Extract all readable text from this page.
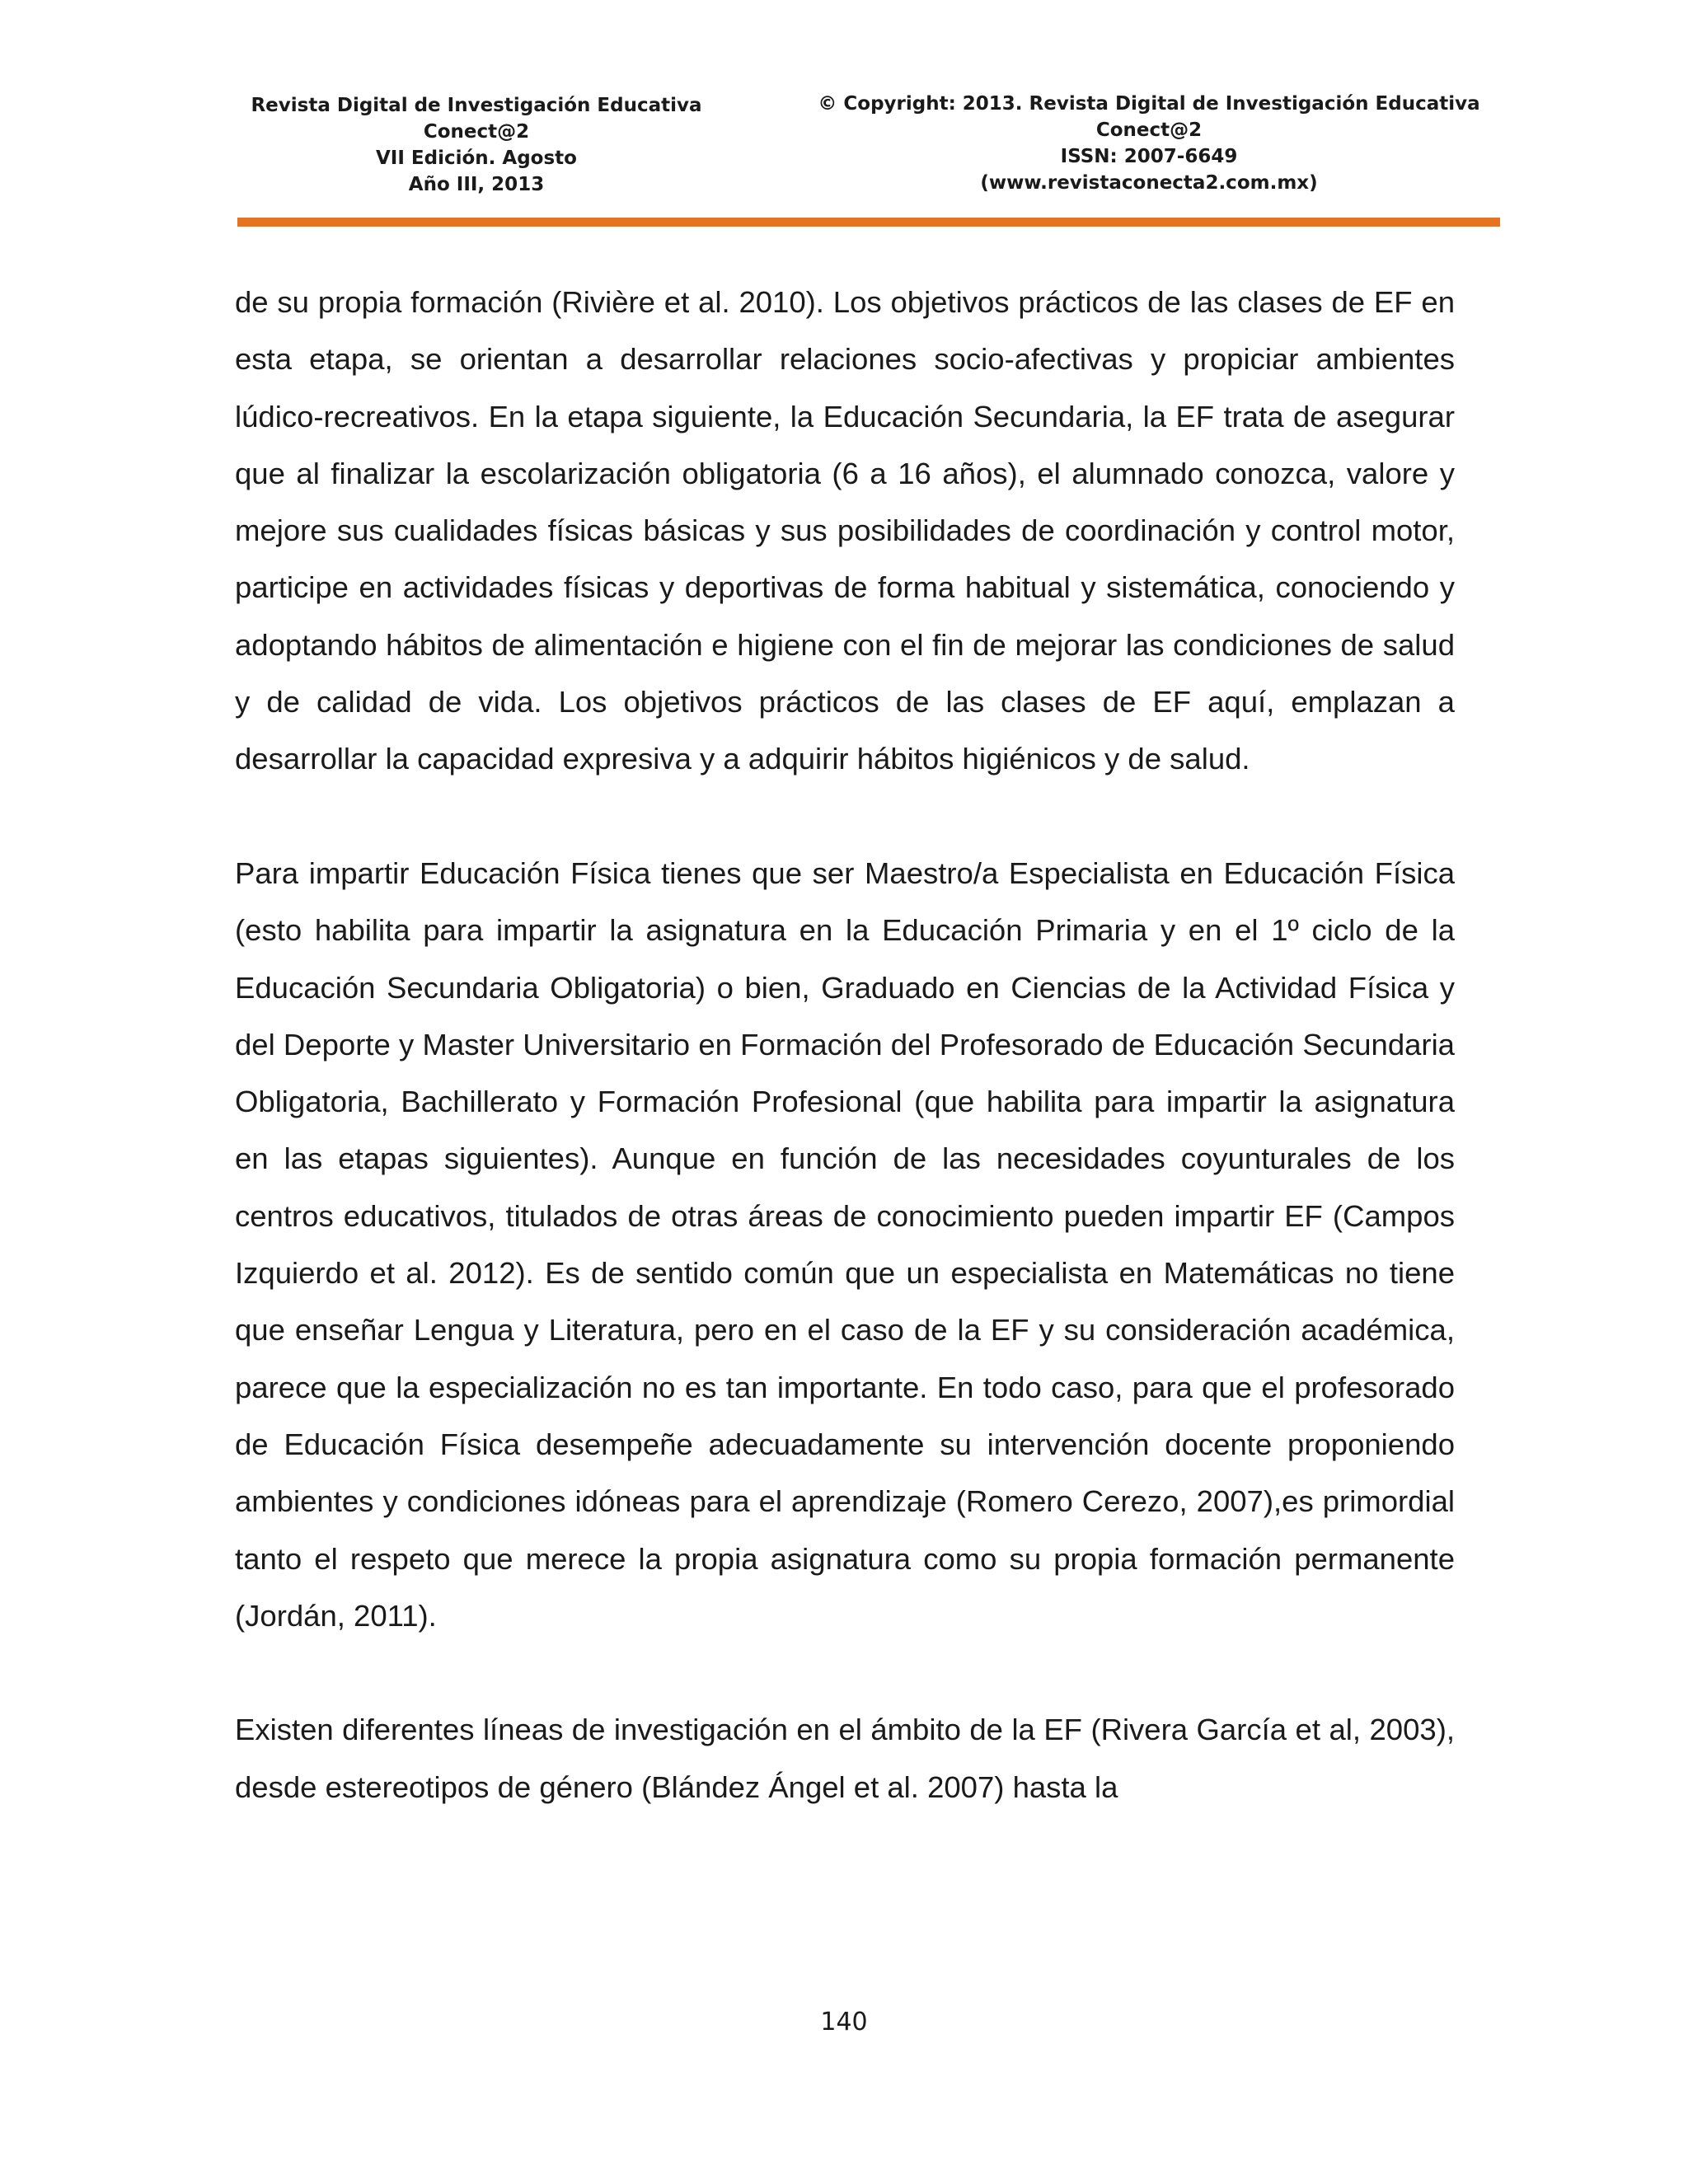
Revista Digital de Investigación Educativa
Conect@2
VII Edición. Agosto
Año III, 2013
© Copyright: 2013. Revista Digital de Investigación Educativa
Conect@2
ISSN: 2007-6649
(www.revistaconecta2.com.mx)

de su propia formación (Rivière et al. 2010). Los objetivos prácticos de las clases de EF en esta etapa, se orientan a desarrollar relaciones socio-afectivas y propiciar ambientes lúdico-recreativos. En la etapa siguiente, la Educación Secundaria, la EF trata de asegurar que al finalizar la escolarización obligatoria (6 a 16 años), el alumnado conozca, valore y mejore sus cualidades físicas básicas y sus posibilidades de coordinación y control motor, participe en actividades físicas y deportivas de forma habitual y sistemática, conociendo y adoptando hábitos de alimentación e higiene con el fin de mejorar las condiciones de salud y de calidad de vida. Los objetivos prácticos de las clases de EF aquí, emplazan a desarrollar la capacidad expresiva y a adquirir hábitos higiénicos y de salud.

Para impartir Educación Física tienes que ser Maestro/a Especialista en Educación Física (esto habilita para impartir la asignatura en la Educación Primaria y en el 1º ciclo de la Educación Secundaria Obligatoria) o bien, Graduado en Ciencias de la Actividad Física y del Deporte y Master Universitario en Formación del Profesorado de Educación Secundaria Obligatoria, Bachillerato y Formación Profesional (que habilita para impartir la asignatura en las etapas siguientes). Aunque en función de las necesidades coyunturales de los centros educativos, titulados de otras áreas de conocimiento pueden impartir EF (Campos Izquierdo et al. 2012). Es de sentido común que un especialista en Matemáticas no tiene que enseñar Lengua y Literatura, pero en el caso de la EF y su consideración académica, parece que la especialización no es tan importante. En todo caso, para que el profesorado de Educación Física desempeñe adecuadamente su intervención docente proponiendo ambientes y condiciones idóneas para el aprendizaje (Romero Cerezo, 2007),es primordial tanto el respeto que merece la propia asignatura como su propia formación permanente (Jordán, 2011).

Existen diferentes líneas de investigación en el ámbito de la EF (Rivera García et al, 2003), desde estereotipos de género (Blández Ángel et al. 2007) hasta la

140
